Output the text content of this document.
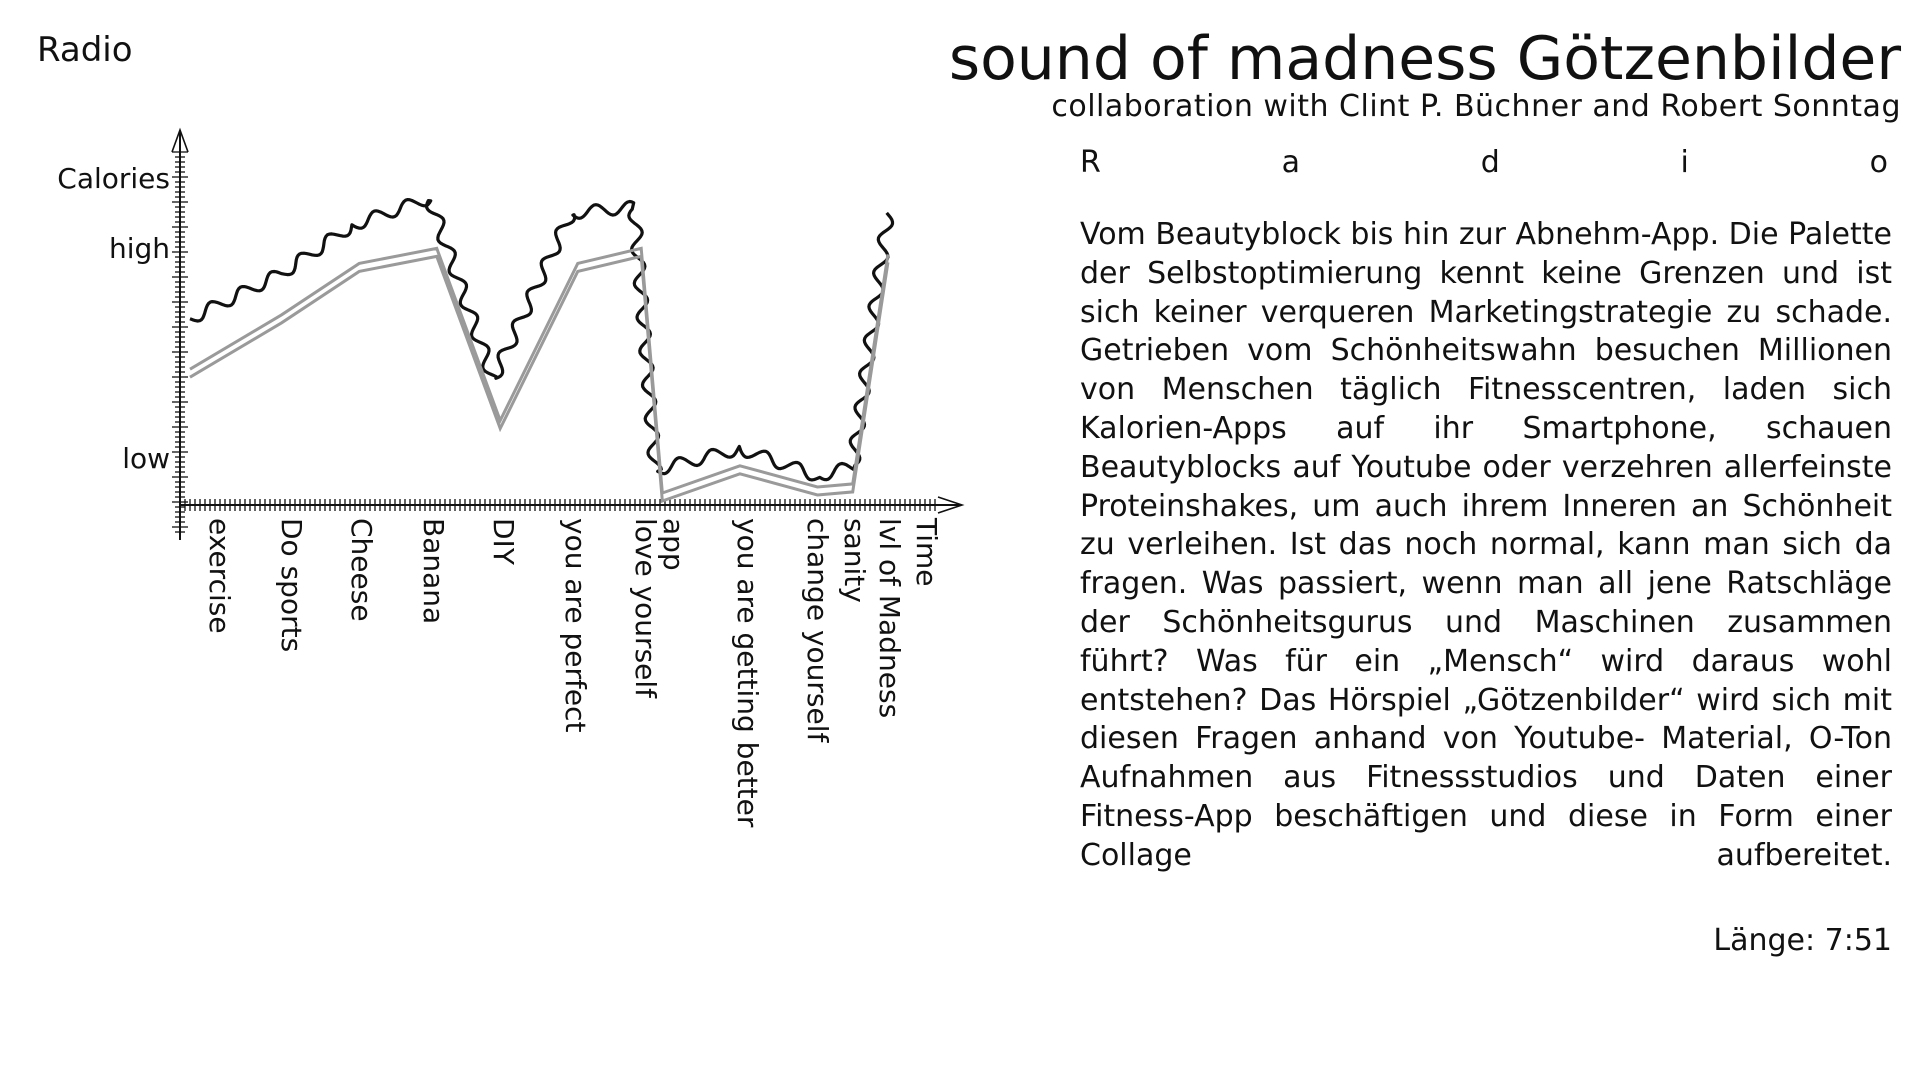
Radio
Calories
high
low
exercise Do sports Cheese Banana DIY you are perfect love yourself
app you are getting better change yourself sanity lvl of Madness Time
sound of madness Götzenbilder
collaboration with Clint P. Büchner and Robert Sonntag
R	a	d	i	o
Vom Beautyblock bis hin zur Abnehm-App. Die Palette der Selbstoptimierung kennt keine Grenzen und ist sich keiner verqueren Marketingstrategie zu schade. Getrieben vom Schönheitswahn besuchen Millionen von Menschen täglich Fitnesscentren, laden sich Kalorien-Apps auf ihr Smartphone, schauen Beautyblocks auf Youtube oder verzehren allerfeinste Proteinshakes, um auch ihrem Inneren an Schönheit zu verleihen. Ist das noch normal, kann man sich da fragen. Was passiert, wenn man all jene Ratschläge der Schönheitsgurus und Maschinen zusammen führt? Was für ein „Mensch“ wird daraus wohl entstehen? Das Hörspiel „Götzenbilder“ wird sich mit diesen Fragen anhand von Youtube- Material, O-Ton Aufnahmen aus Fitnessstudios und Daten einer Fitness-App beschäftigen und diese in Form einer Collage aufbereitet.
Länge: 7:51
